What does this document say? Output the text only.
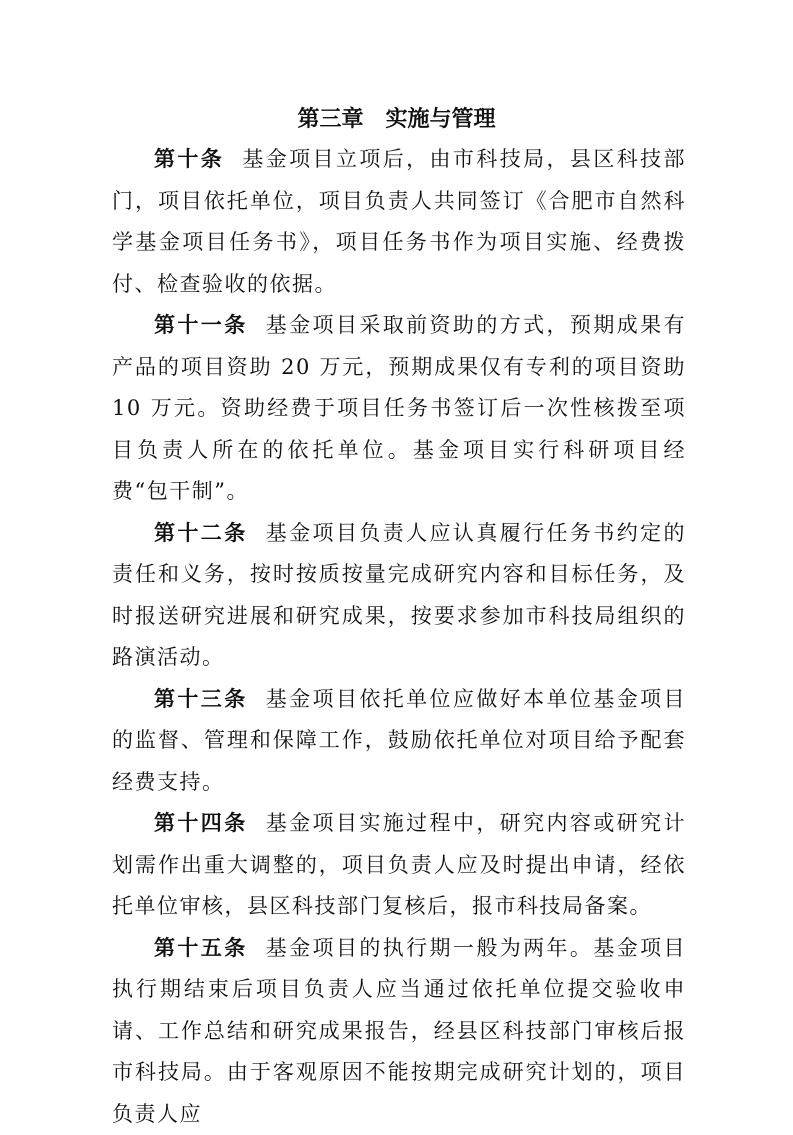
第三章　实施与管理

第十条 基金项目立项后，由市科技局，县区科技部门，项目依托单位，项目负责人共同签订《合肥市自然科学基金项目任务书》，项目任务书作为项目实施、经费拨付、检查验收的依据。

第十一条 基金项目采取前资助的方式，预期成果有产品的项目资助 20 万元，预期成果仅有专利的项目资助 10 万元。资助经费于项目任务书签订后一次性核拨至项目负责人所在的依托单位。基金项目实行科研项目经费“包干制”。

第十二条 基金项目负责人应认真履行任务书约定的责任和义务，按时按质按量完成研究内容和目标任务，及时报送研究进展和研究成果，按要求参加市科技局组织的路演活动。

第十三条 基金项目依托单位应做好本单位基金项目的监督、管理和保障工作，鼓励依托单位对项目给予配套经费支持。

第十四条 基金项目实施过程中，研究内容或研究计划需作出重大调整的，项目负责人应及时提出申请，经依托单位审核，县区科技部门复核后，报市科技局备案。

第十五条 基金项目的执行期一般为两年。基金项目执行期结束后项目负责人应当通过依托单位提交验收申请、工作总结和研究成果报告，经县区科技部门审核后报市科技局。由于客观原因不能按期完成研究计划的，项目负责人应
